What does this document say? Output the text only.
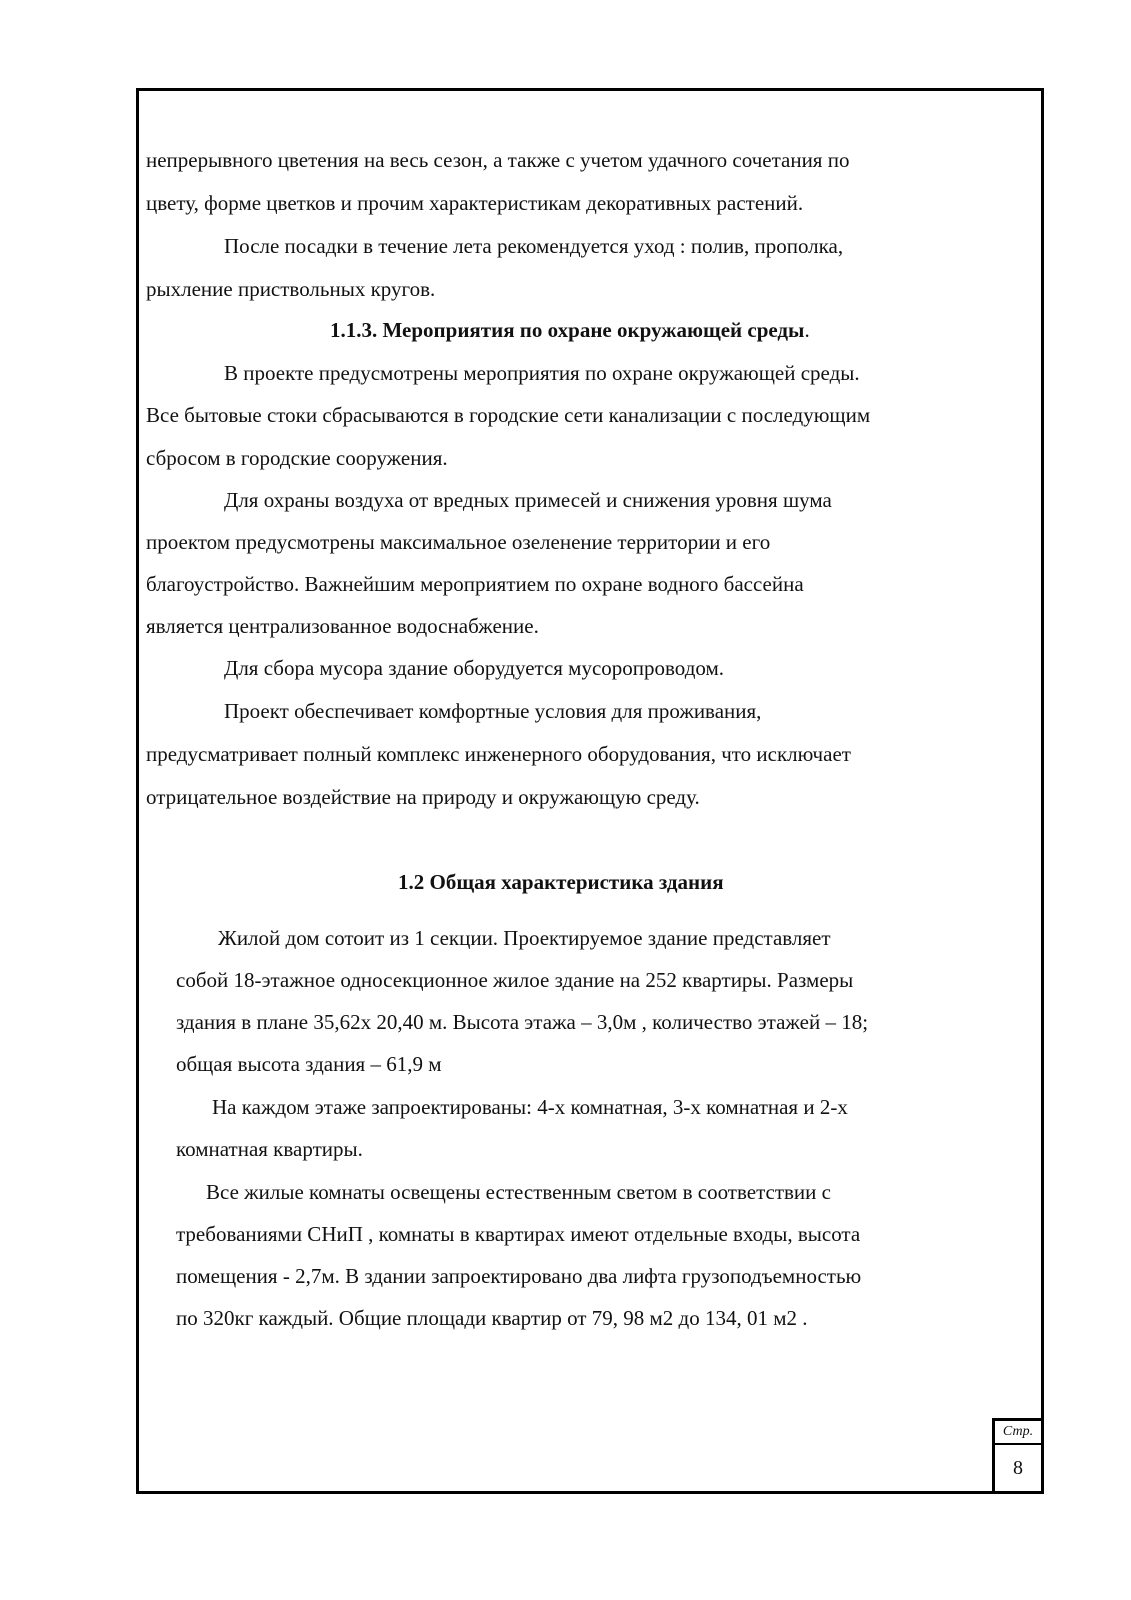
непрерывного цветения на весь сезон, а также с учетом удачного сочетания по
цвету, форме цветков и прочим характеристикам декоративных растений.
После посадки в течение лета рекомендуется уход : полив, прополка,
рыхление приствольных кругов.
1.1.3. Мероприятия по охране окружающей среды.
В проекте предусмотрены мероприятия по охране окружающей среды.
Все бытовые стоки сбрасываются в городские сети канализации с последующим
сбросом в городские сооружения.
Для охраны воздуха от вредных примесей и снижения уровня шума
проектом предусмотрены максимальное озеленение территории и его
благоустройство. Важнейшим мероприятием по охране водного бассейна
является централизованное водоснабжение.
Для сбора мусора здание оборудуется мусоропроводом.
Проект обеспечивает комфортные условия для проживания,
предусматривает полный комплекс инженерного оборудования, что исключает
отрицательное воздействие на природу и окружающую среду.
1.2 Общая характеристика здания
Жилой дом сотоит из 1 секции. Проектируемое здание представляет
собой 18-этажное односекционное жилое здание на 252 квартиры. Размеры
здания в плане 35,62х 20,40 м. Высота этажа – 3,0м , количество этажей – 18;
общая высота здания – 61,9 м
На каждом этаже запроектированы: 4-х комнатная, 3-х комнатная и 2-х
комнатная квартиры.
Все жилые комнаты освещены естественным светом в соответствии с
требованиями СНиП , комнаты в квартирах имеют отдельные входы, высота
помещения - 2,7м. В здании запроектировано два лифта грузоподъемностью
по 320кг каждый. Общие площади квартир от 79, 98 м2 до 134, 01 м2 .
Стр.
8
